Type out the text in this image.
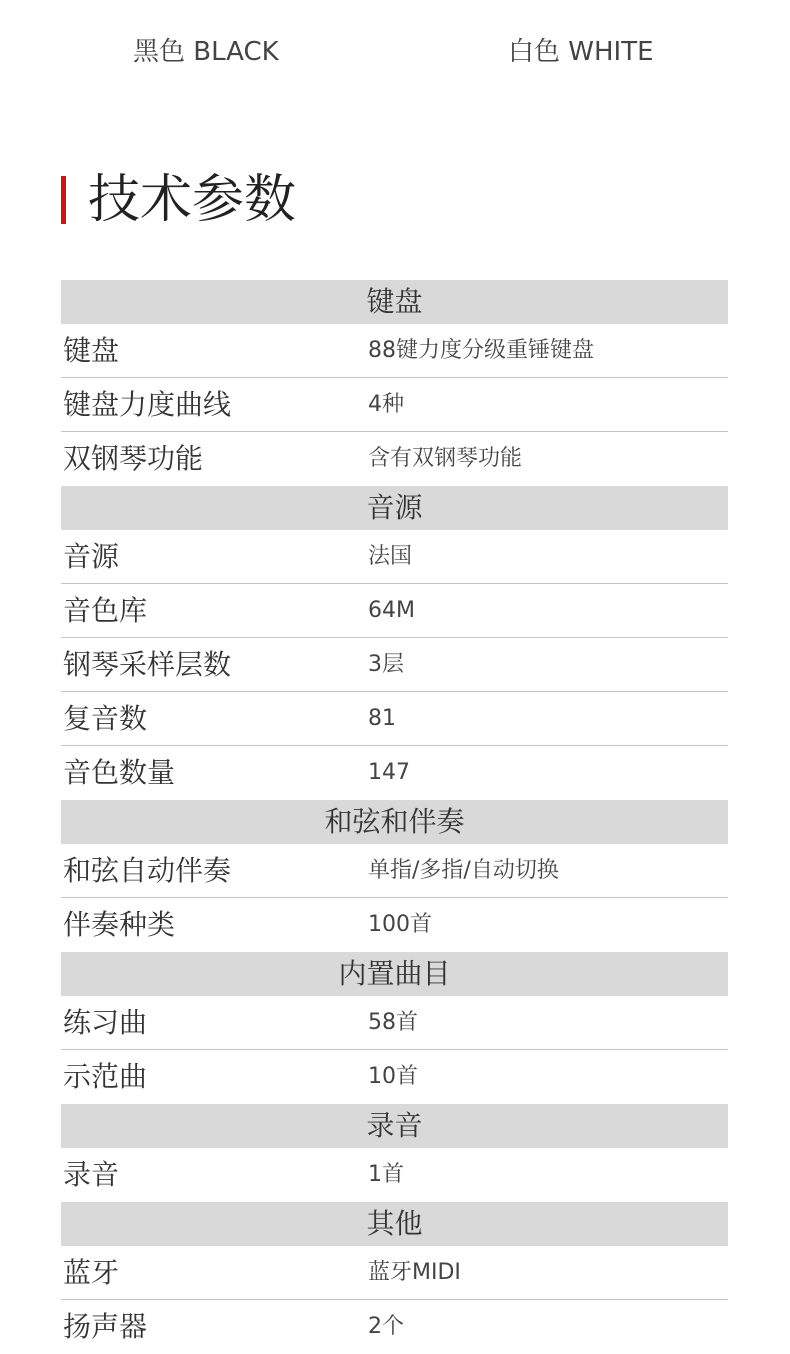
黑色 BLACK	白色 WHITE
技术参数
键盘
键盘	88键力度分级重锤键盘
键盘力度曲线	4种
双钢琴功能	含有双钢琴功能
音源
音源	法国
音色库	64M
钢琴采样层数	3层
复音数	81
音色数量	147
和弦和伴奏
和弦自动伴奏	单指/多指/自动切换
伴奏种类	100首
内置曲目
练习曲	58首
示范曲	10首
录音
录音	1首
其他
蓝牙	蓝牙MIDI
扬声器	2个
